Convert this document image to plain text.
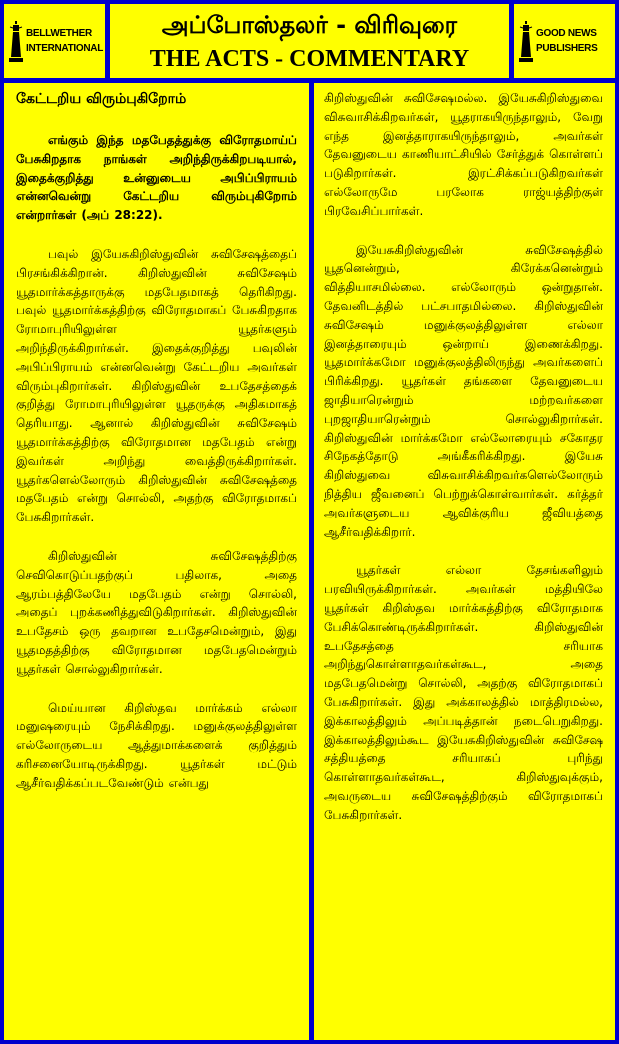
BELLWETHER
INTERNATIONAL
அப்போஸ்தலர் - விரிவுரை
THE ACTS - COMMENTARY
GOOD NEWS
PUBLISHERS
கேட்டறிய விரும்புகிறோம்

எங்கும் இந்த மதபேதத்துக்கு விரோதமாய்ப் பேசுகிறதாக நாங்கள் அறிந்திருக்கிறபடியால், இதைக்குறித்து உன்னுடைய அபிப்பிராயம் என்னவென்று கேட்டறிய விரும்புகிறோம் என்றார்கள் (அப் 28:22).

பவுல் இயேசுகிறிஸ்துவின் சுவிசேஷத்தைப் பிரசங்கிக்கிறான். கிறிஸ்துவின் சுவிசேஷம் யூதமார்க்கத்தாருக்கு மதபேதமாகத் தெரிகிறது. பவுல் யூதமார்க்கத்திற்கு விரோதமாகப் பேசுகிறதாக ரோமாபுரியிலுள்ள யூதர்களும் அறிந்திருக்கிறார்கள். இதைக்குறித்து பவுலின் அபிப்பிராயம் என்னவென்று கேட்டறிய அவர்கள் விரும்புகிறார்கள். கிறிஸ்துவின் உபதேசத்தைக் குறித்து ரோமாபுரியிலுள்ள யூதருக்கு அதிகமாகத் தெரியாது. ஆனால் கிறிஸ்துவின் சுவிசேஷம் யூதமார்க்கத்திற்கு விரோதமான மதபேதம் என்று இவர்கள் அறிந்து வைத்திருக்கிறார்கள். யூதர்களெல்லோரும் கிறிஸ்துவின் சுவிசேஷத்தை மதபேதம் என்று சொல்லி, அதற்கு விரோதமாகப் பேசுகிறார்கள்.

கிறிஸ்துவின் சுவிசேஷத்திற்கு செவிகொடுப்பதற்குப் பதிலாக, அதை ஆரம்பத்திலேயே மதபேதம் என்று சொல்லி, அதைப் புறக்கணித்துவிடுகிறார்கள். கிறிஸ்துவின் உபதேசம் ஒரு தவறான உபதேசமென்றும், இது யூதமதத்திற்கு விரோதமான மதபேதமென்றும் யூதர்கள் சொல்லுகிறார்கள்.

மெய்யான கிறிஸ்தவ மார்க்கம் எல்லா மனுஷரையும் நேசிக்கிறது. மனுக்குலத்திலுள்ள எல்லோருடைய ஆத்துமாக்களைக் குறித்தும் கரிசனையோடிருக்கிறது. யூதர்கள் மட்டும் ஆசீர்வதிக்கப்படவேண்டும் என்பது

கிறிஸ்துவின் சுவிசேஷமல்ல. இயேசுகிறிஸ்துவை விசுவாசிக்கிறவர்கள், யூதராகயிருந்தாலும், வேறு எந்த இனத்தாராகயிருந்தாலும், அவர்கள் தேவனுடைய காணியாட்சியில் சேர்த்துக் கொள்ளப் படுகிறார்கள். இரட்சிக்கப்படுகிறவர்கள் எல்லோருமே பரலோக ராஜ்யத்திற்குள் பிரவேசிப்பார்கள்.

இயேசுகிறிஸ்துவின் சுவிசேஷத்தில் யூதனென்றும், கிரேக்கனென்றும் வித்தியாசமில்லை. எல்லோரும் ஒன்றுதான். தேவனிடத்தில் பட்சபாதமில்லை. கிறிஸ்துவின் சுவிசேஷம் மனுக்குலத்திலுள்ள எல்லா இனத்தாரையும் ஒன்றாய் இணைக்கிறது. யூதமார்க்கமோ மனுக்குலத்திலிருந்து அவர்களைப் பிரிக்கிறது. யூதர்கள் தங்களை தேவனுடைய ஜாதியாரென்றும் மற்றவர்களை புறஜாதியாரென்றும் சொல்லுகிறார்கள். கிறிஸ்துவின் மார்க்கமோ எல்லோரையும் சகோதர சிநேகத்தோடு அங்கீகரிக்கிறது. இயேசு கிறிஸ்துவை விசுவாசிக்கிறவர்களெல்லோரும் நித்திய ஜீவனைப் பெற்றுக்கொள்வார்கள். கர்த்தர் அவர்களுடைய ஆவிக்குரிய ஜீவியத்தை ஆசீர்வதிக்கிறார்.

யூதர்கள் எல்லா தேசங்களிலும் பரவியிருக்கிறார்கள். அவர்கள் மத்தியிலே யூதர்கள் கிறிஸ்தவ மார்க்கத்திற்கு விரோதமாக பேசிக்கொண்டிருக்கிறார்கள். கிறிஸ்துவின் உபதேசத்தை சரியாக அறிந்துகொள்ளாதவர்கள்கூட, அதை மதபேதமென்று சொல்லி, அதற்கு விரோதமாகப் பேசுகிறார்கள். இது அக்காலத்தில் மாத்திரமல்ல, இக்காலத்திலும் அப்படித்தான் நடைபெறுகிறது. இக்காலத்திலும்கூட இயேசுகிறிஸ்துவின் சுவிசேஷ சத்தியத்தை சரியாகப் புரிந்து கொள்ளாதவர்கள்கூட, கிறிஸ்துவுக்கும், அவருடைய சுவிசேஷத்திற்கும் விரோதமாகப் பேசுகிறார்கள்.
